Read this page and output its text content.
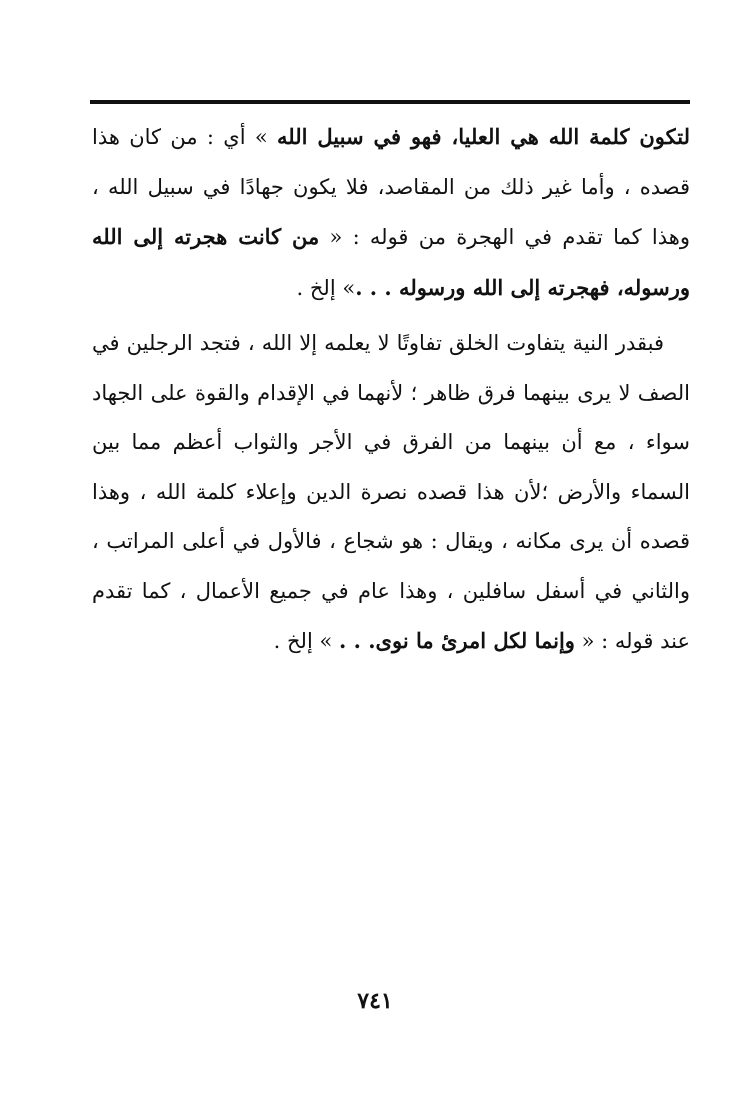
لتكون كلمة الله هي العليا، فهو في سبيل الله » أي : من كان هذا قصده ، وأما غير ذلك من المقاصد، فلا يكون جهادًا في سبيل الله ، وهذا كما تقدم في الهجرة من قوله : « من كانت هجرته إلى الله ورسوله، فهجرته إلى الله ورسوله . . .» إلخ .

فبقدر النية يتفاوت الخلق تفاوتًا لا يعلمه إلا الله ، فتجد الرجلين في الصف لا يرى بينهما فرق ظاهر ؛ لأنهما في الإقدام والقوة على الجهاد سواء ، مع أن بينهما من الفرق في الأجر والثواب أعظم مما بين السماء والأرض ؛لأن هذا قصده نصرة الدين وإعلاء كلمة الله ، وهذا قصده أن يرى مكانه ، ويقال : هو شجاع ، فالأول في أعلى المراتب ، والثاني في أسفل سافلين ، وهذا عام في جميع الأعمال ، كما تقدم عند قوله : « وإنما لكل امرئ ما نوى. . . » إلخ .

٧٤١
